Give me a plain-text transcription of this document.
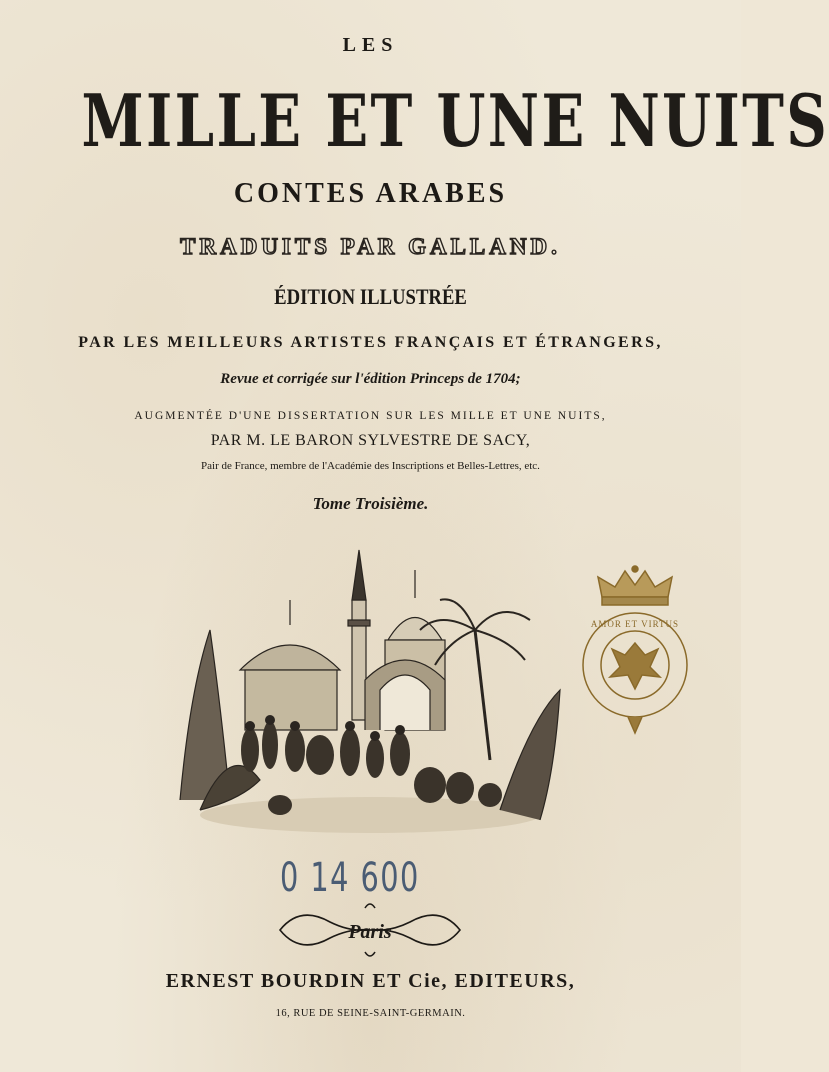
LES
MILLE ET UNE NUITS
CONTES ARABES
TRADUITS PAR GALLAND.
ÉDITION ILLUSTRÉE
PAR LES MEILLEURS ARTISTES FRANÇAIS ET ÉTRANGERS,
Revue et corrigée sur l'édition Princeps de 1704;
AUGMENTÉE D'UNE DISSERTATION SUR LES MILLE ET UNE NUITS,
PAR M. LE BARON SYLVESTRE DE SACY,
Pair de France, membre de l'Académie des Inscriptions et Belles-Lettres, etc.
Tome Troisième.
AMOR ET VIRTUS
0 14 600
Paris
ERNEST BOURDIN ET Cie, EDITEURS,
16, RUE DE SEINE-SAINT-GERMAIN.
